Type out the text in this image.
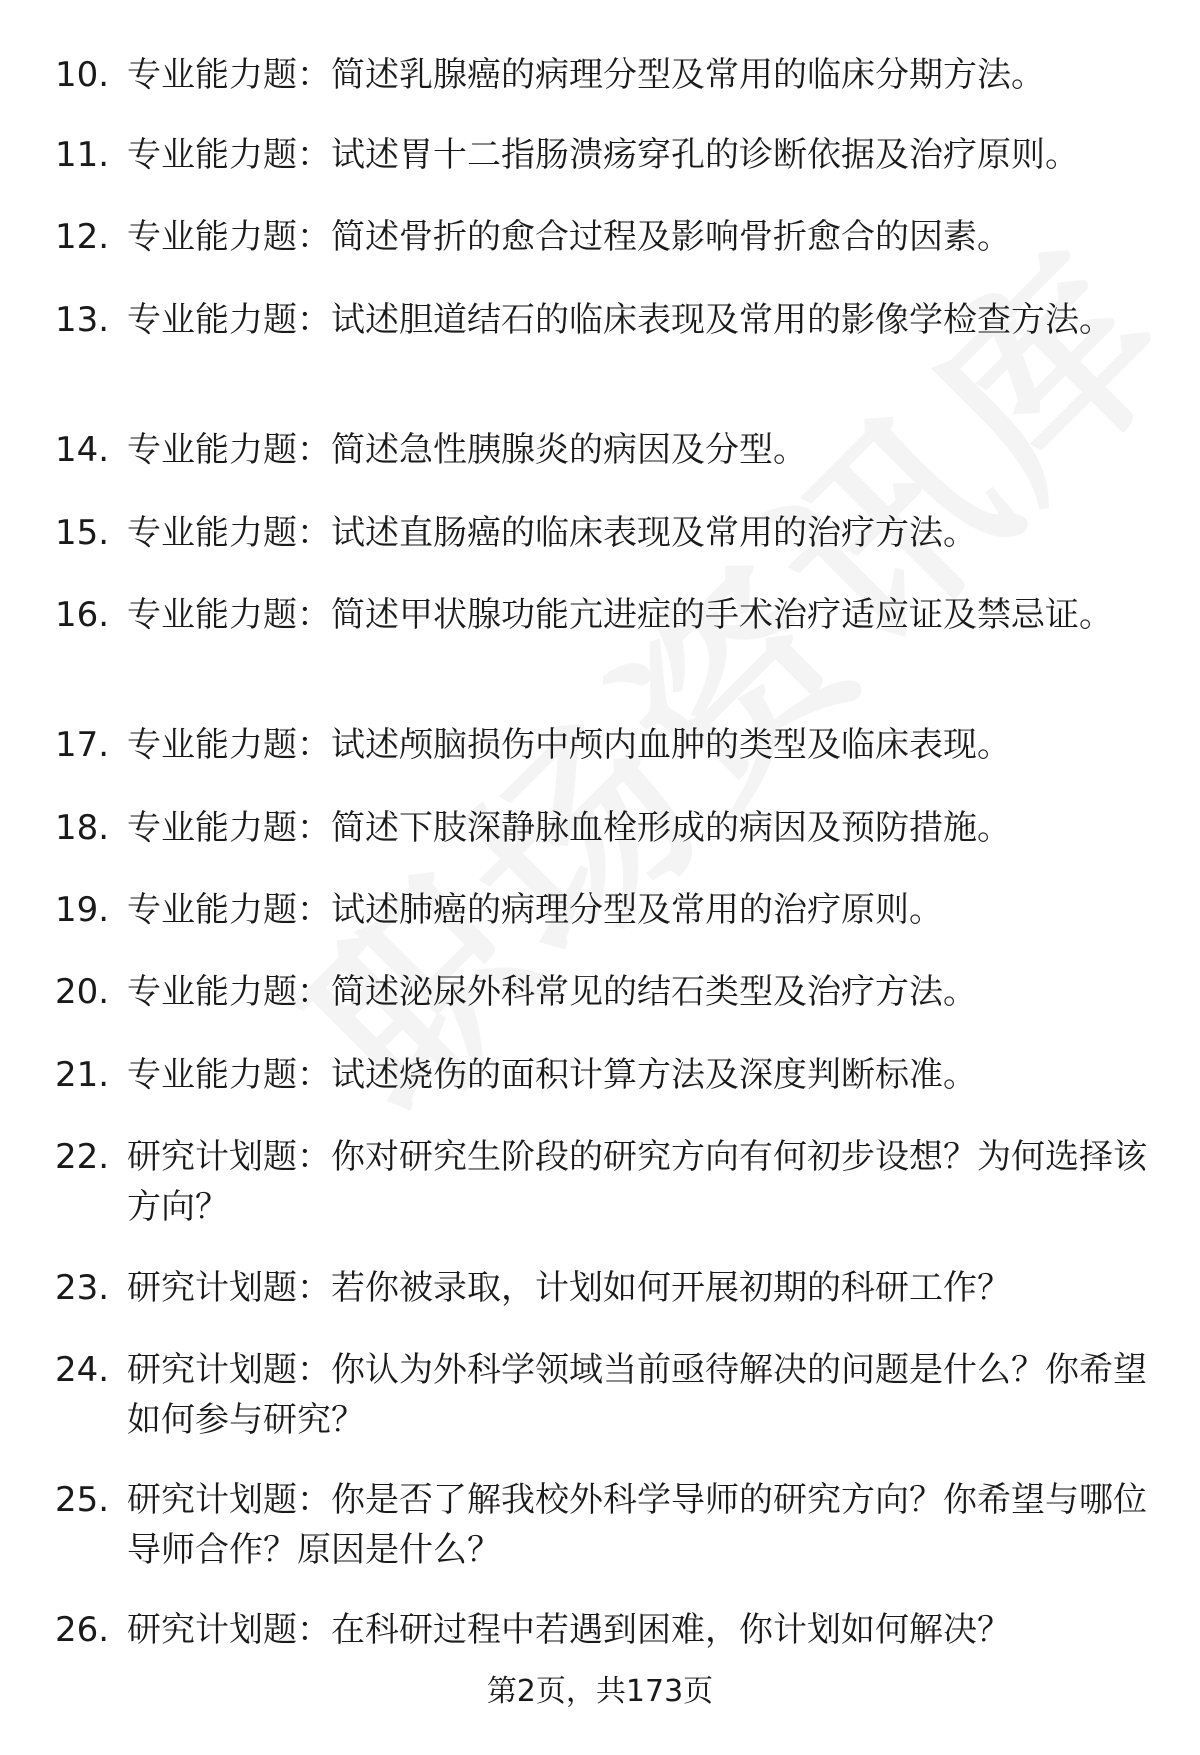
10. 专业能力题：简述乳腺癌的病理分型及常用的临床分期方法。
11. 专业能力题：试述胃十二指肠溃疡穿孔的诊断依据及治疗原则。
12. 专业能力题：简述骨折的愈合过程及影响骨折愈合的因素。
13. 专业能力题：试述胆道结石的临床表现及常用的影像学检查方法。
14. 专业能力题：简述急性胰腺炎的病因及分型。
15. 专业能力题：试述直肠癌的临床表现及常用的治疗方法。
16. 专业能力题：简述甲状腺功能亢进症的手术治疗适应证及禁忌证。
17. 专业能力题：试述颅脑损伤中颅内血肿的类型及临床表现。
18. 专业能力题：简述下肢深静脉血栓形成的病因及预防措施。
19. 专业能力题：试述肺癌的病理分型及常用的治疗原则。
20. 专业能力题：简述泌尿外科常见的结石类型及治疗方法。
21. 专业能力题：试述烧伤的面积计算方法及深度判断标准。
22. 研究计划题：你对研究生阶段的研究方向有何初步设想？为何选择该方向？
23. 研究计划题：若你被录取，计划如何开展初期的科研工作？
24. 研究计划题：你认为外科学领域当前亟待解决的问题是什么？你希望如何参与研究？
25. 研究计划题：你是否了解我校外科学导师的研究方向？你希望与哪位导师合作？原因是什么？
26. 研究计划题：在科研过程中若遇到困难，你计划如何解决？
第2页，共173页
